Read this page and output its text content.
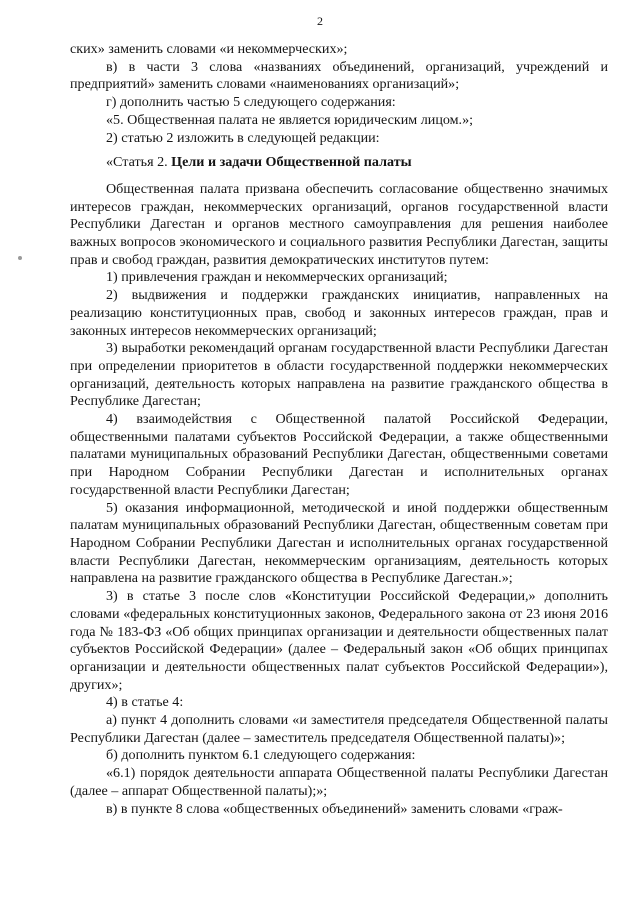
2

ских» заменить словами «и некоммерческих»;

в) в части 3 слова «названиях объединений, организаций, учреждений и предприятий» заменить словами «наименованиях организаций»;

г) дополнить частью 5 следующего содержания:

«5. Общественная палата не является юридическим лицом.»;

2) статью 2 изложить в следующей редакции:

«Статья 2. Цели и задачи Общественной палаты

Общественная палата призвана обеспечить согласование общественно значимых интересов граждан, некоммерческих организаций, органов государственной власти Республики Дагестан и органов местного самоуправления для решения наиболее важных вопросов экономического и социального развития Республики Дагестан, защиты прав и свобод граждан, развития демократических институтов путем:

1) привлечения граждан и некоммерческих организаций;

2) выдвижения и поддержки гражданских инициатив, направленных на реализацию конституционных прав, свобод и законных интересов граждан, прав и законных интересов некоммерческих организаций;

3) выработки рекомендаций органам государственной власти Республики Дагестан при определении приоритетов в области государственной поддержки некоммерческих организаций, деятельность которых направлена на развитие гражданского общества в Республике Дагестан;

4) взаимодействия с Общественной палатой Российской Федерации, общественными палатами субъектов Российской Федерации, а также общественными палатами муниципальных образований Республики Дагестан, общественными советами при Народном Собрании Республики Дагестан и исполнительных органах государственной власти Республики Дагестан;

5) оказания информационной, методической и иной поддержки общественным палатам муниципальных образований Республики Дагестан, общественным советам при Народном Собрании Республики Дагестан и исполнительных органах государственной власти Республики Дагестан, некоммерческим организациям, деятельность которых направлена на развитие гражданского общества в Республике Дагестан.»;

3) в статье 3 после слов «Конституции Российской Федерации,» дополнить словами «федеральных конституционных законов, Федерального закона от 23 июня 2016 года № 183-ФЗ «Об общих принципах организации и деятельности общественных палат субъектов Российской Федерации» (далее – Федеральный закон «Об общих принципах организации и деятельности общественных палат субъектов Российской Федерации»), других»;

4) в статье 4:

а) пункт 4 дополнить словами «и заместителя председателя Общественной палаты Республики Дагестан (далее – заместитель председателя Общественной палаты)»;

б) дополнить пунктом 6.1 следующего содержания:

«6.1) порядок деятельности аппарата Общественной палаты Республики Дагестан (далее – аппарат Общественной палаты);»;

в) в пункте 8 слова «общественных объединений» заменить словами «граж-
